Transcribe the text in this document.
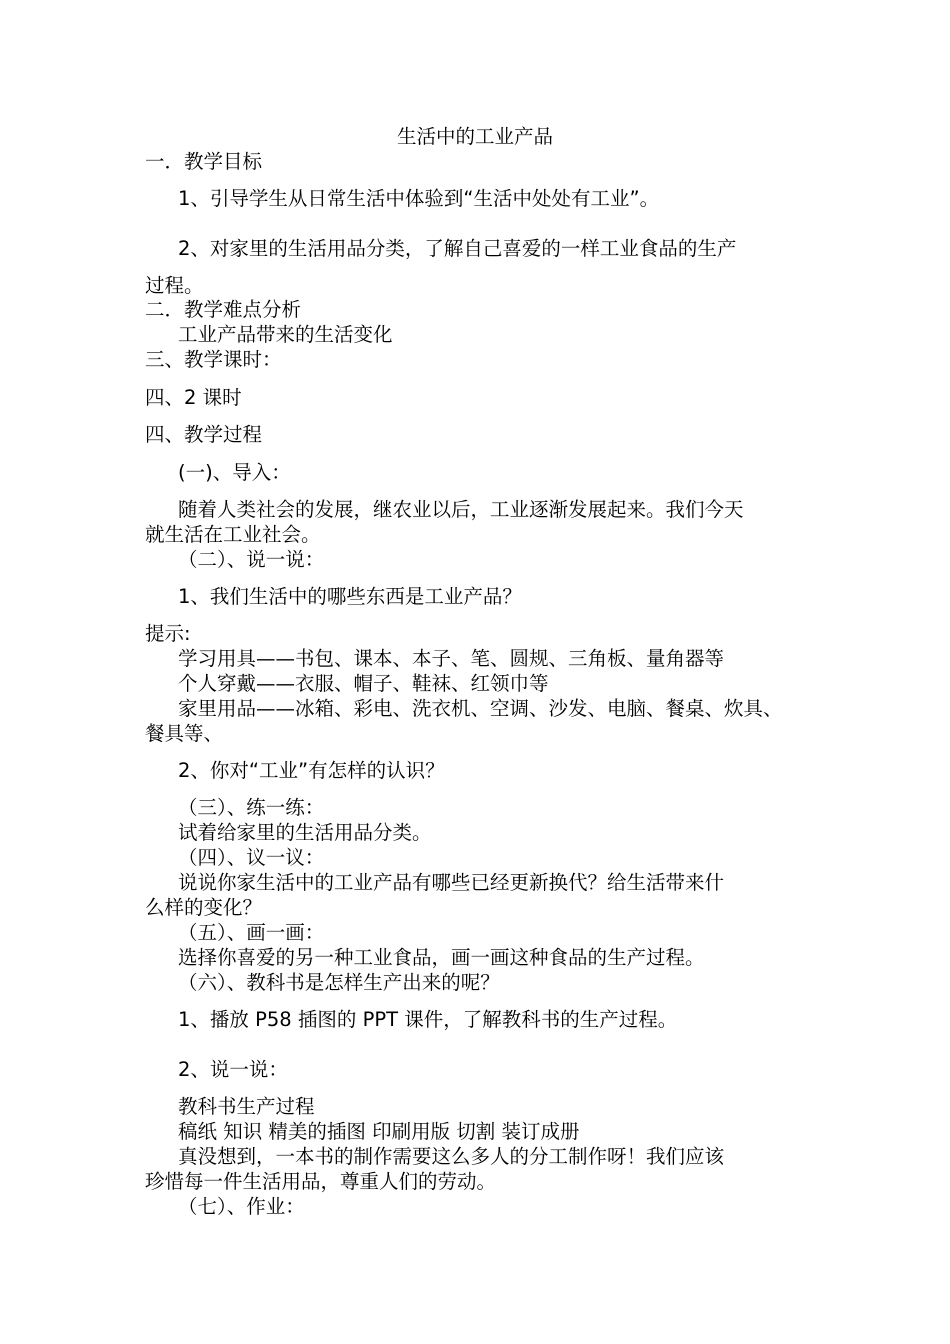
生活中的工业产品
一．教学目标
1、引导学生从日常生活中体验到“生活中处处有工业”。
2、对家里的生活用品分类，了解自己喜爱的一样工业食品的生产
过程。
二．教学难点分析
工业产品带来的生活变化
三、教学课时：
四、2 课时
四、教学过程
(一)、导入：
随着人类社会的发展，继农业以后，工业逐渐发展起来。我们今天
就生活在工业社会。
（二）、说一说：
1、我们生活中的哪些东西是工业产品？
提示:
学习用具——书包、课本、本子、笔、圆规、三角板、量角器等
个人穿戴——衣服、帽子、鞋袜、红领巾等
家里用品——冰箱、彩电、洗衣机、空调、沙发、电脑、餐桌、炊具、
餐具等、
2、你对“工业”有怎样的认识？
（三）、练一练：
试着给家里的生活用品分类。
（四）、议一议：
说说你家生活中的工业产品有哪些已经更新换代？给生活带来什
么样的变化？
（五）、画一画：
选择你喜爱的另一种工业食品，画一画这种食品的生产过程。
（六）、教科书是怎样生产出来的呢？
1、播放 P58 插图的 PPT 课件，了解教科书的生产过程。
2、说一说：
教科书生产过程
稿纸 知识 精美的插图 印刷用版 切割 装订成册
真没想到，一本书的制作需要这么多人的分工制作呀！我们应该
珍惜每一件生活用品，尊重人们的劳动。
（七）、作业：
